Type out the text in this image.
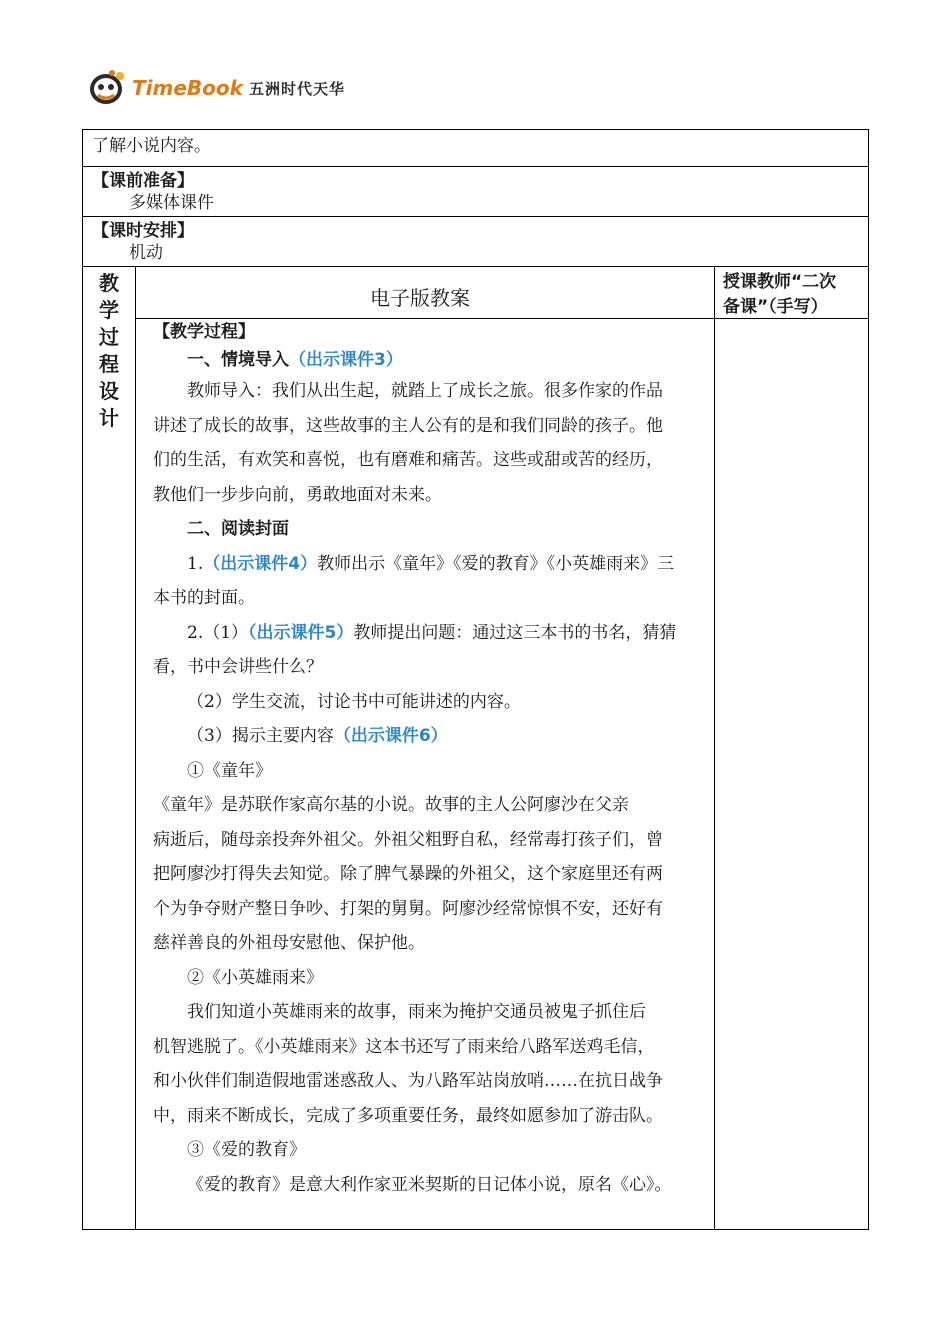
TimeBook 五洲时代天华
了解小说内容。
【课前准备】
多媒体课件
【课时安排】
机动
教
学
过
程
设
计
电子版教案
授课教师“二次
备课”（手写）
【教学过程】
一、情境导入（出示课件3）
教师导入：我们从出生起，就踏上了成长之旅。很多作家的作品
讲述了成长的故事，这些故事的主人公有的是和我们同龄的孩子。他
们的生活，有欢笑和喜悦，也有磨难和痛苦。这些或甜或苦的经历，
教他们一步步向前，勇敢地面对未来。
二、阅读封面
1.（出示课件4）教师出示《童年》《爱的教育》《小英雄雨来》三
本书的封面。
2.（1）（出示课件5）教师提出问题：通过这三本书的书名，猜猜
看，书中会讲些什么？
（2）学生交流，讨论书中可能讲述的内容。
（3）揭示主要内容（出示课件6）
①《童年》
《童年》是苏联作家高尔基的小说。故事的主人公阿廖沙在父亲
病逝后，随母亲投奔外祖父。外祖父粗野自私，经常毒打孩子们，曾
把阿廖沙打得失去知觉。除了脾气暴躁的外祖父，这个家庭里还有两
个为争夺财产整日争吵、打架的舅舅。阿廖沙经常惊惧不安，还好有
慈祥善良的外祖母安慰他、保护他。
②《小英雄雨来》
我们知道小英雄雨来的故事，雨来为掩护交通员被鬼子抓住后
机智逃脱了。《小英雄雨来》这本书还写了雨来给八路军送鸡毛信，
和小伙伴们制造假地雷迷惑敌人、为八路军站岗放哨……在抗日战争
中，雨来不断成长，完成了多项重要任务，最终如愿参加了游击队。
③《爱的教育》
《爱的教育》是意大利作家亚米契斯的日记体小说，原名《心》。
